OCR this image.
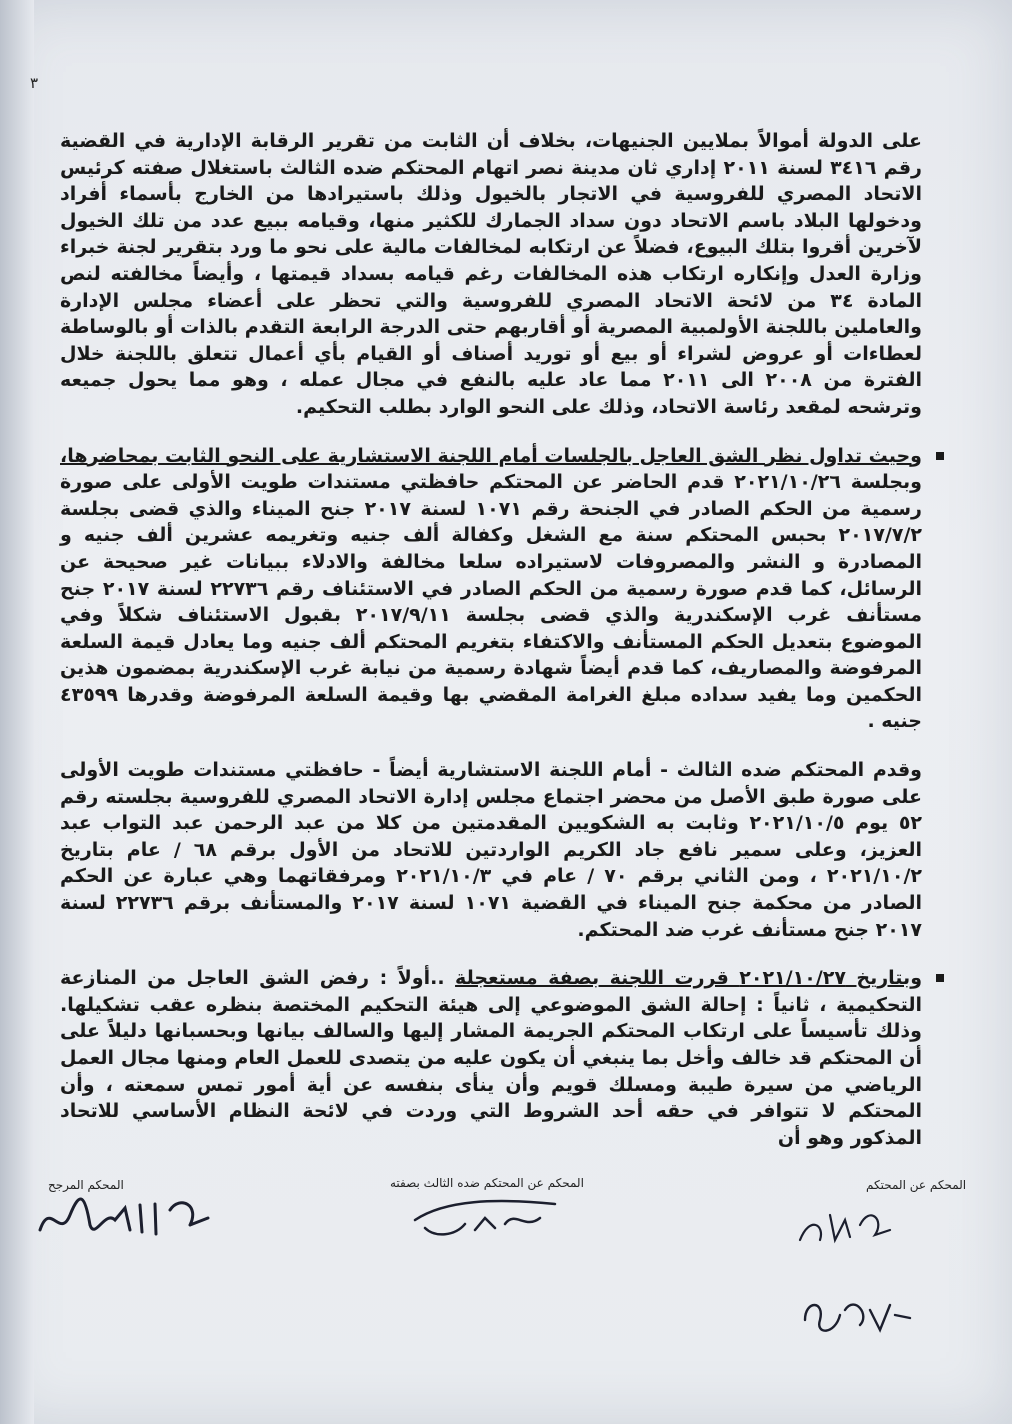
٣

على الدولة أموالاً بملايين الجنيهات، بخلاف أن الثابت من تقرير الرقابة الإدارية في القضية رقم ٣٤١٦ لسنة ٢٠١١ إداري ثان مدينة نصر اتهام المحتكم ضده الثالث باستغلال صفته كرئيس الاتحاد المصري للفروسية في الاتجار بالخيول وذلك باستيرادها من الخارج بأسماء أفراد ودخولها البلاد باسم الاتحاد دون سداد الجمارك للكثير منها، وقيامه ببيع عدد من تلك الخيول لآخرين أقروا بتلك البيوع، فضلاً عن ارتكابه لمخالفات مالية على نحو ما ورد بتقرير لجنة خبراء وزارة العدل وإنكاره ارتكاب هذه المخالفات رغم قيامه بسداد قيمتها ، وأيضاً مخالفته لنص المادة ٣٤ من لائحة الاتحاد المصري للفروسية والتي تحظر على أعضاء مجلس الإدارة والعاملين باللجنة الأولمبية المصرية أو أقاربهم حتى الدرجة الرابعة التقدم بالذات أو بالوساطة لعطاءات أو عروض لشراء أو بيع أو توريد أصناف أو القيام بأي أعمال تتعلق باللجنة خلال الفترة من ٢٠٠٨ الى ٢٠١١ مما عاد عليه بالنفع في مجال عمله ، وهو مما يحول جميعه وترشحه لمقعد رئاسة الاتحاد، وذلك على النحو الوارد بطلب التحكيم.

وحيث تداول نظر الشق العاجل بالجلسات أمام اللجنة الاستشارية على النحو الثابت بمحاضرها، وبجلسة ٢٠٢١/١٠/٢٦ قدم الحاضر عن المحتكم حافظتي مستندات طويت الأولى على صورة رسمية من الحكم الصادر في الجنحة رقم ١٠٧١ لسنة ٢٠١٧ جنح الميناء والذي قضى بجلسة ٢٠١٧/٧/٢ بحبس المحتكم سنة مع الشغل وكفالة ألف جنيه وتغريمه عشرين ألف جنيه و المصادرة و النشر والمصروفات لاستيراده سلعا مخالفة والادلاء ببيانات غير صحيحة عن الرسائل، كما قدم صورة رسمية من الحكم الصادر في الاستئناف رقم ٢٢٧٣٦ لسنة ٢٠١٧ جنح مستأنف غرب الإسكندرية والذي قضى بجلسة ٢٠١٧/٩/١١ بقبول الاستئناف شكلاً وفي الموضوع بتعديل الحكم المستأنف والاكتفاء بتغريم المحتكم ألف جنيه وما يعادل قيمة السلعة المرفوضة والمصاريف، كما قدم أيضاً شهادة رسمية من نيابة غرب الإسكندرية بمضمون هذين الحكمين وما يفيد سداده مبلغ الغرامة المقضي بها وقيمة السلعة المرفوضة وقدرها ٤٣٥٩٩ جنيه .

وقدم المحتكم ضده الثالث - أمام اللجنة الاستشارية أيضاً - حافظتي مستندات طويت الأولى على صورة طبق الأصل من محضر اجتماع مجلس إدارة الاتحاد المصري للفروسية بجلسته رقم ٥٢ يوم ٢٠٢١/١٠/٥ وثابت به الشكويين المقدمتين من كلا من عبد الرحمن عبد التواب عبد العزيز، وعلى سمير نافع جاد الكريم الواردتين للاتحاد من الأول برقم ٦٨ / عام بتاريخ ٢٠٢١/١٠/٢ ، ومن الثاني برقم ٧٠ / عام في ٢٠٢١/١٠/٣ ومرفقاتهما وهي عبارة عن الحكم الصادر من محكمة جنح الميناء في القضية ١٠٧١ لسنة ٢٠١٧ والمستأنف برقم ٢٢٧٣٦ لسنة ٢٠١٧ جنح مستأنف غرب ضد المحتكم.

وبتاريخ ٢٠٢١/١٠/٢٧ قررت اللجنة بصفة مستعجلة ..أولاً : رفض الشق العاجل من المنازعة التحكيمية ، ثانياً : إحالة الشق الموضوعي إلى هيئة التحكيم المختصة بنظره عقب تشكيلها. وذلك تأسيساً على ارتكاب المحتكم الجريمة المشار إليها والسالف بيانها وبحسبانها دليلاً على أن المحتكم قد خالف وأخل بما ينبغي أن يكون عليه من يتصدى للعمل العام ومنها مجال العمل الرياضي من سيرة طيبة ومسلك قويم وأن ينأى بنفسه عن أية أمور تمس سمعته ، وأن المحتكم لا تتوافر في حقه أحد الشروط التي وردت في لائحة النظام الأساسي للاتحاد المذكور وهو أن

المحكم المرجح	المحكم عن المحتكم ضده الثالث بصفته	المحكم عن المحتكم
